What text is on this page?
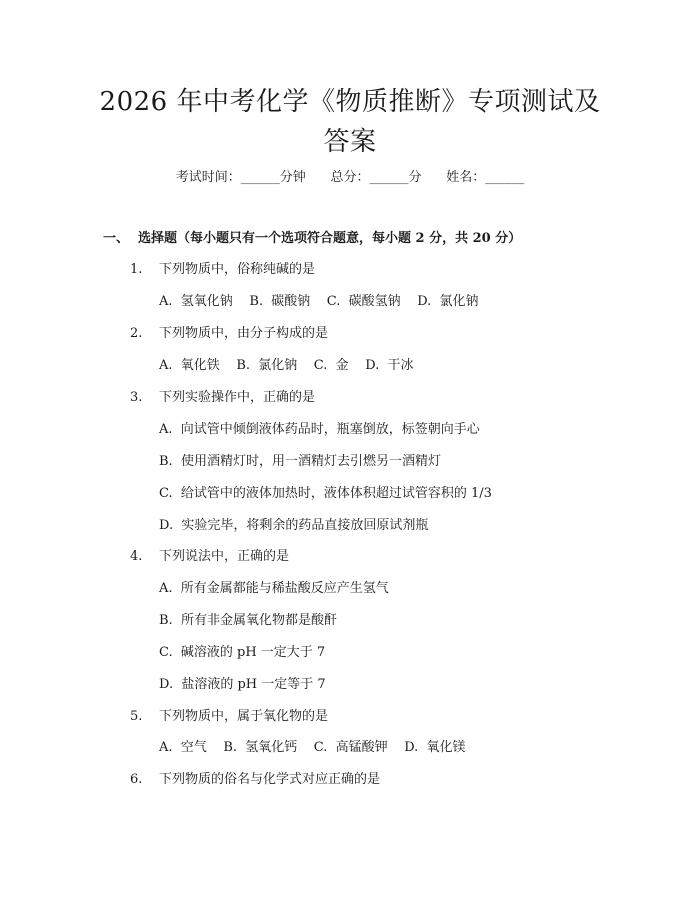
2026 年中考化学《物质推断》专项测试及答案
考试时间：______分钟      总分：______分      姓名：______
一、 选择题（每小题只有一个选项符合题意，每小题 2 分，共 20 分）
1. 下列物质中，俗称纯碱的是
A.  氢氧化钠    B.  碳酸钠    C.  碳酸氢钠    D.  氯化钠
2. 下列物质中，由分子构成的是
A.  氧化铁    B.  氯化钠    C.  金    D.  干冰
3. 下列实验操作中，正确的是
A.  向试管中倾倒液体药品时，瓶塞倒放，标签朝向手心
B.  使用酒精灯时，用一酒精灯去引燃另一酒精灯
C.  给试管中的液体加热时，液体体积超过试管容积的 1/3
D.  实验完毕，将剩余的药品直接放回原试剂瓶
4. 下列说法中，正确的是
A.  所有金属都能与稀盐酸反应产生氢气
B.  所有非金属氧化物都是酸酐
C.  碱溶液的 pH 一定大于 7
D.  盐溶液的 pH 一定等于 7
5. 下列物质中，属于氧化物的是
A.  空气    B.  氢氧化钙    C.  高锰酸钾    D.  氧化镁
6. 下列物质的俗名与化学式对应正确的是
